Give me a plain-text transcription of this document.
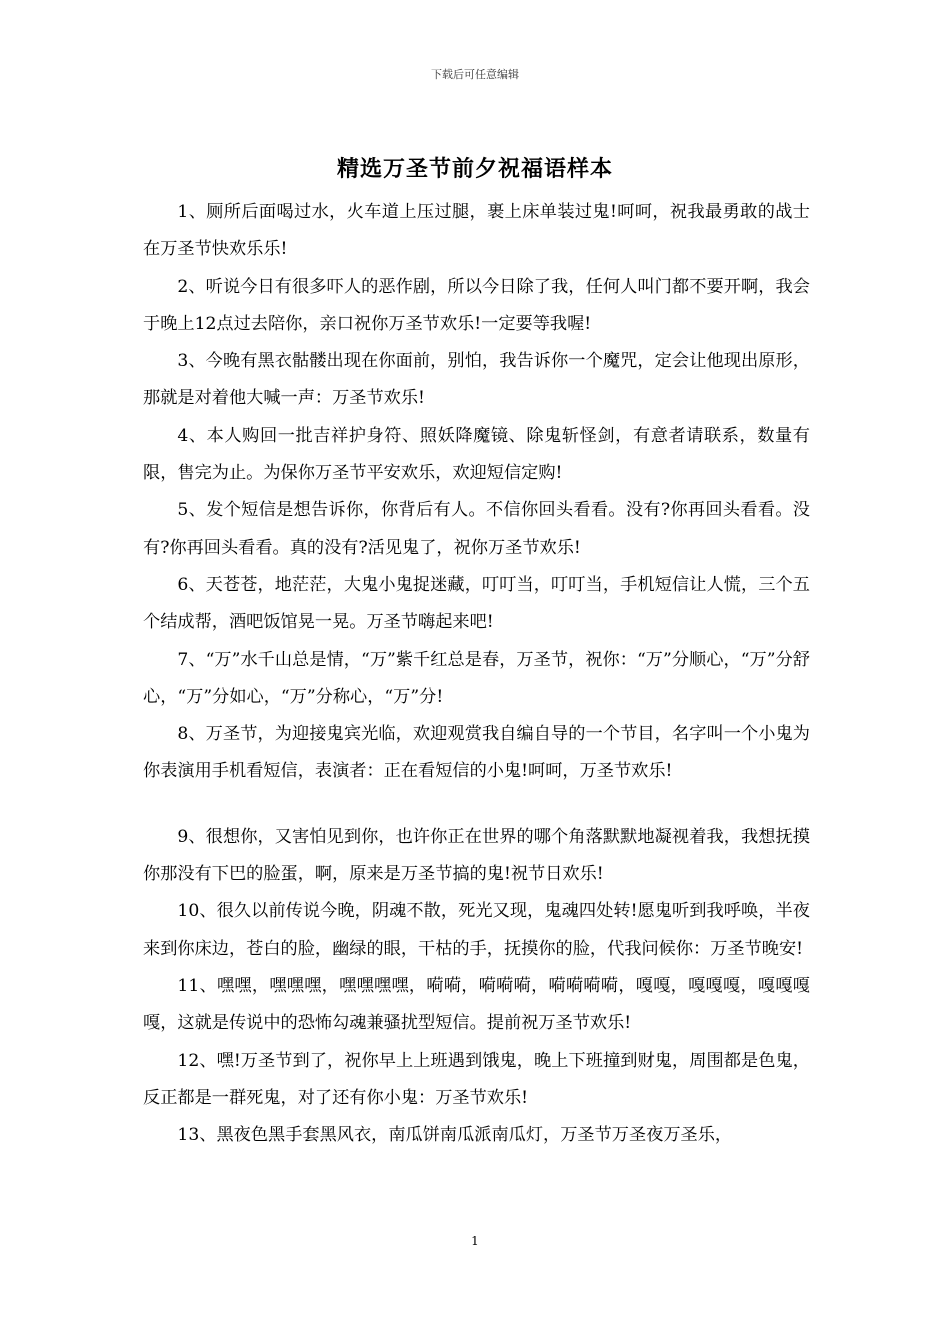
下载后可任意编辑
精选万圣节前夕祝福语样本

1、厕所后面喝过水，火车道上压过腿，裹上床单装过鬼!呵呵，祝我最勇敢的战士在万圣节快欢乐乐!

2、听说今日有很多吓人的恶作剧，所以今日除了我，任何人叫门都不要开啊，我会于晚上12点过去陪你，亲口祝你万圣节欢乐!一定要等我喔!

3、今晚有黑衣骷髅出现在你面前，别怕，我告诉你一个魔咒，定会让他现出原形，那就是对着他大喊一声：万圣节欢乐!

4、本人购回一批吉祥护身符、照妖降魔镜、除鬼斩怪剑，有意者请联系，数量有限，售完为止。为保你万圣节平安欢乐，欢迎短信定购!

5、发个短信是想告诉你，你背后有人。不信你回头看看。没有?你再回头看看。没有?你再回头看看。真的没有?活见鬼了，祝你万圣节欢乐!

6、天苍苍，地茫茫，大鬼小鬼捉迷藏，叮叮当，叮叮当，手机短信让人慌，三个五个结成帮，酒吧饭馆晃一晃。万圣节嗨起来吧!

7、“万”水千山总是情，“万”紫千红总是春，万圣节，祝你：“万”分顺心，“万”分舒心，“万”分如心，“万”分称心，“万”分!

8、万圣节，为迎接鬼宾光临，欢迎观赏我自编自导的一个节目，名字叫一个小鬼为你表演用手机看短信，表演者：正在看短信的小鬼!呵呵，万圣节欢乐!

9、很想你，又害怕见到你，也许你正在世界的哪个角落默默地凝视着我，我想抚摸你那没有下巴的脸蛋，啊，原来是万圣节搞的鬼!祝节日欢乐!

10、很久以前传说今晚，阴魂不散，死光又现，鬼魂四处转!愿鬼听到我呼唤，半夜来到你床边，苍白的脸，幽绿的眼，干枯的手，抚摸你的脸，代我问候你：万圣节晚安!

11、嘿嘿，嘿嘿嘿，嘿嘿嘿嘿，嗬嗬，嗬嗬嗬，嗬嗬嗬嗬，嘎嘎，嘎嘎嘎，嘎嘎嘎嘎，这就是传说中的恐怖勾魂兼骚扰型短信。提前祝万圣节欢乐!

12、嘿!万圣节到了，祝你早上上班遇到饿鬼，晚上下班撞到财鬼，周围都是色鬼，反正都是一群死鬼，对了还有你小鬼：万圣节欢乐!

13、黑夜色黑手套黑风衣，南瓜饼南瓜派南瓜灯，万圣节万圣夜万圣乐，

1
